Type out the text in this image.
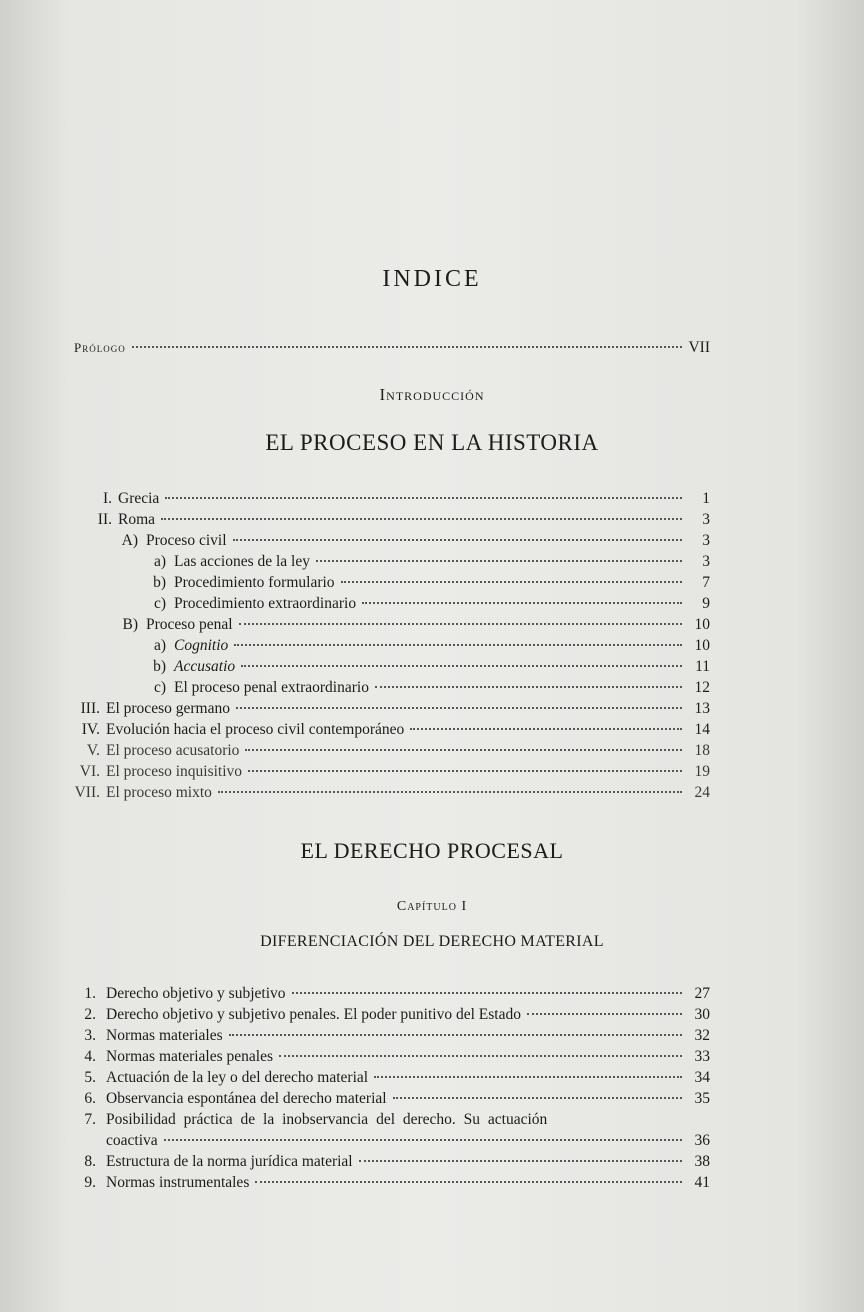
INDICE
Prólogo	VII
Introducción
EL PROCESO EN LA HISTORIA
I. Grecia	1
II. Roma	3
A) Proceso civil	3
a) Las acciones de la ley	3
b) Procedimiento formulario	7
c) Procedimiento extraordinario	9
B) Proceso penal	10
a) Cognitio	10
b) Accusatio	11
c) El proceso penal extraordinario	12
III. El proceso germano	13
IV. Evolución hacia el proceso civil contemporáneo	14
V. El proceso acusatorio	18
VI. El proceso inquisitivo	19
VII. El proceso mixto	24
EL DERECHO PROCESAL
Capítulo I
DIFERENCIACIÓN DEL DERECHO MATERIAL
1. Derecho objetivo y subjetivo	27
2. Derecho objetivo y subjetivo penales. El poder punitivo del Estado	30
3. Normas materiales	32
4. Normas materiales penales	33
5. Actuación de la ley o del derecho material	34
6. Observancia espontánea del derecho material	35
7. Posibilidad práctica de la inobservancia del derecho. Su actuación
coactiva	36
8. Estructura de la norma jurídica material	38
9. Normas instrumentales	41
